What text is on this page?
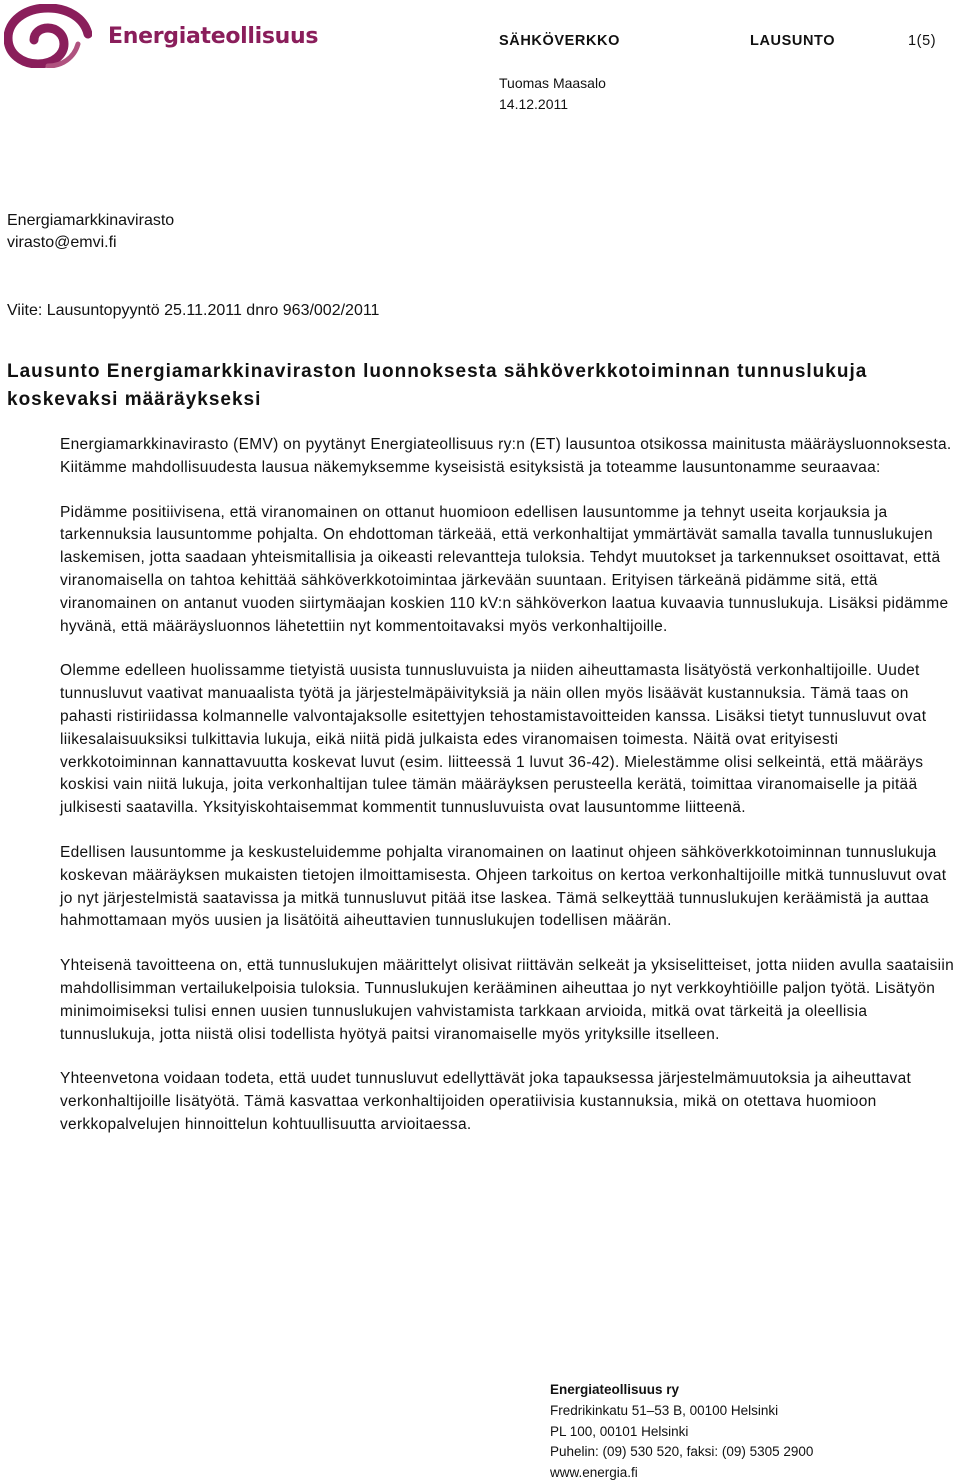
Energiateollisuus	SÄHKÖVERKKO	LAUSUNTO	1(5)
Tuomas Maasalo
14.12.2011
Energiamarkkinavirasto
virasto@emvi.fi
Viite: Lausuntopyyntö 25.11.2011 dnro 963/002/2011
Lausunto Energiamarkkinaviraston luonnoksesta sähköverkkotoiminnan tunnuslukuja koskevaksi määräykseksi

Energiamarkkinavirasto (EMV) on pyytänyt Energiateollisuus ry:n (ET) lausuntoa otsikossa mainitusta määräysluonnoksesta. Kiitämme mahdollisuudesta lausua näkemyksemme kyseisistä esityksistä ja toteamme lausuntonamme seuraavaa:

Pidämme positiivisena, että viranomainen on ottanut huomioon edellisen lausuntomme ja tehnyt useita korjauksia ja tarkennuksia lausuntomme pohjalta. On ehdottoman tärkeää, että verkonhaltijat ymmärtävät samalla tavalla tunnuslukujen laskemisen, jotta saadaan yhteismitallisia ja oikeasti relevantteja tuloksia. Tehdyt muutokset ja tarkennukset osoittavat, että viranomaisella on tahtoa kehittää sähköverkkotoimintaa järkevään suuntaan. Erityisen tärkeänä pidämme sitä, että viranomainen on antanut vuoden siirtymäajan koskien 110 kV:n sähköverkon laatua kuvaavia tunnuslukuja. Lisäksi pidämme hyvänä, että määräysluonnos lähetettiin nyt kommentoitavaksi myös verkonhaltijoille.

Olemme edelleen huolissamme tietyistä uusista tunnusluvuista ja niiden aiheuttamasta lisätyöstä verkonhaltijoille. Uudet tunnusluvut vaativat manuaalista työtä ja järjestelmäpäivityksiä ja näin ollen myös lisäävät kustannuksia. Tämä taas on pahasti ristiriidassa kolmannelle valvontajaksolle esitettyjen tehostamistavoitteiden kanssa. Lisäksi tietyt tunnusluvut ovat liikesalaisuuksiksi tulkittavia lukuja, eikä niitä pidä julkaista edes viranomaisen toimesta. Näitä ovat erityisesti verkkotoiminnan kannattavuutta koskevat luvut (esim. liitteessä 1 luvut 36-42). Mielestämme olisi selkeintä, että määräys koskisi vain niitä lukuja, joita verkonhaltijan tulee tämän määräyksen perusteella kerätä, toimittaa viranomaiselle ja pitää julkisesti saatavilla. Yksityiskohtaisemmat kommentit tunnusluvuista ovat lausuntomme liitteenä.

Edellisen lausuntomme ja keskusteluidemme pohjalta viranomainen on laatinut ohjeen sähköverkkotoiminnan tunnuslukuja koskevan määräyksen mukaisten tietojen ilmoittamisesta. Ohjeen tarkoitus on kertoa verkonhaltijoille mitkä tunnusluvut ovat jo nyt järjestelmistä saatavissa ja mitkä tunnusluvut pitää itse laskea. Tämä selkeyttää tunnuslukujen keräämistä ja auttaa hahmottamaan myös uusien ja lisätöitä aiheuttavien tunnuslukujen todellisen määrän.

Yhteisenä tavoitteena on, että tunnuslukujen määrittelyt olisivat riittävän selkeät ja yksiselitteiset, jotta niiden avulla saataisiin mahdollisimman vertailukelpoisia tuloksia. Tunnuslukujen kerääminen aiheuttaa jo nyt verkkoyhtiöille paljon työtä. Lisätyön minimoimiseksi tulisi ennen uusien tunnuslukujen vahvistamista tarkkaan arvioida, mitkä ovat tärkeitä ja oleellisia tunnuslukuja, jotta niistä olisi todellista hyötyä paitsi viranomaiselle myös yrityksille itselleen.

Yhteenvetona voidaan todeta, että uudet tunnusluvut edellyttävät joka tapauksessa järjestelmämuutoksia ja aiheuttavat verkonhaltijoille lisätyötä. Tämä kasvattaa verkonhaltijoiden operatiivisia kustannuksia, mikä on otettava huomioon verkkopalvelujen hinnoittelun kohtuullisuutta arvioitaessa.

Energiateollisuus ry
Fredrikinkatu 51–53 B, 00100 Helsinki
PL 100, 00101 Helsinki
Puhelin: (09) 530 520, faksi: (09) 5305 2900
www.energia.fi
